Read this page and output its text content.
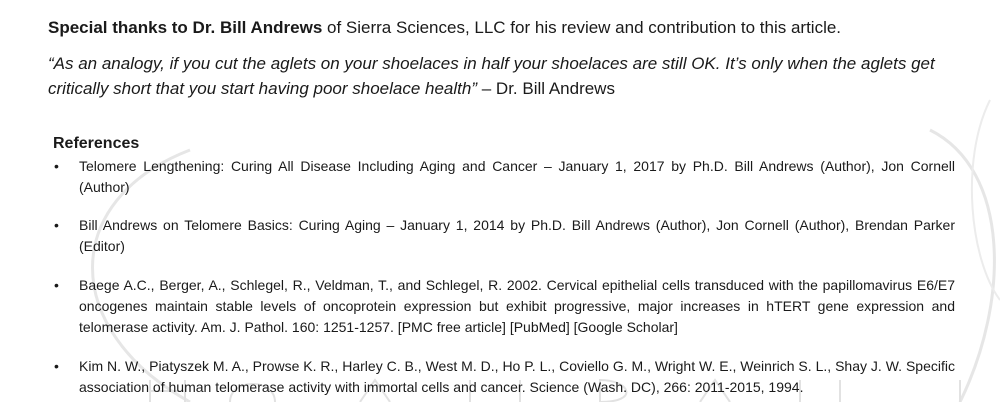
Special thanks to Dr. Bill Andrews of Sierra Sciences, LLC for his review and contribution to this article.
“As an analogy, if you cut the aglets on your shoelaces in half your shoelaces are still OK. It’s only when the aglets get critically short that you start having poor shoelace health” – Dr. Bill Andrews
References
• Telomere Lengthening: Curing All Disease Including Aging and Cancer – January 1, 2017 by Ph.D. Bill Andrews (Author), Jon Cornell (Author)
• Bill Andrews on Telomere Basics: Curing Aging – January 1, 2014 by Ph.D. Bill Andrews (Author), Jon Cornell (Author), Brendan Parker (Editor)
• Baege A.C., Berger, A., Schlegel, R., Veldman, T., and Schlegel, R. 2002. Cervical epithelial cells transduced with the papillomavirus E6/E7 oncogenes maintain stable levels of oncoprotein expression but exhibit progressive, major increases in hTERT gene expression and telomerase activity. Am. J. Pathol. 160: 1251-1257. [PMC free article] [PubMed] [Google Scholar]
• Kim N. W., Piatyszek M. A., Prowse K. R., Harley C. B., West M. D., Ho P. L., Coviello G. M., Wright W. E., Weinrich S. L., Shay J. W. Specific association of human telomerase activity with immortal cells and cancer. Science (Wash. DC), 266: 2011-2015, 1994.
